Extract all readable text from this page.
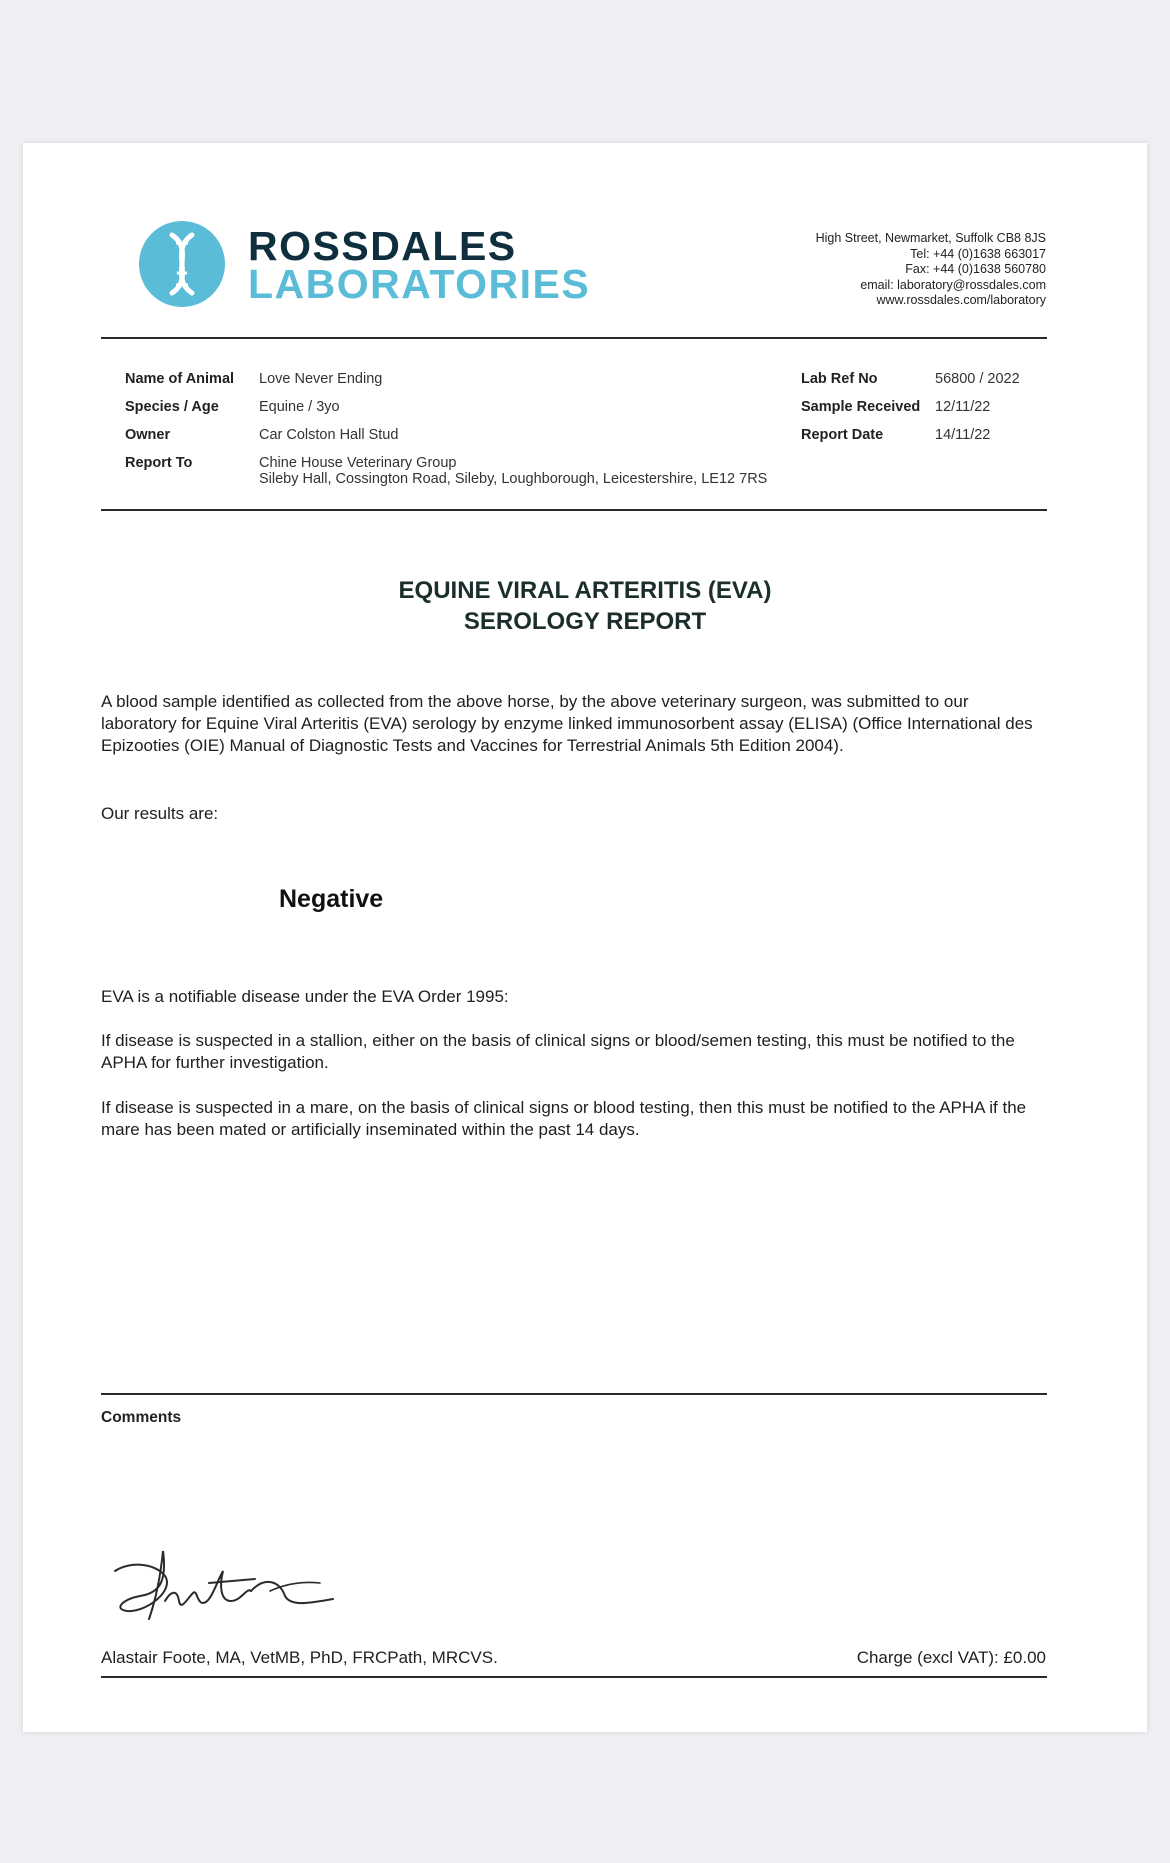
ROSSDALES
LABORATORIES
High Street, Newmarket, Suffolk CB8 8JS
Tel: +44 (0)1638 663017
Fax: +44 (0)1638 560780
email: laboratory@rossdales.com
www.rossdales.com/laboratory
Name of Animal
Species / Age
Owner
Report To
Love Never Ending
Equine / 3yo
Car Colston Hall Stud
Chine House Veterinary Group
Sileby Hall, Cossington Road, Sileby, Loughborough, Leicestershire, LE12 7RS
Lab Ref No
Sample Received
Report Date
56800 / 2022
12/11/22
14/11/22
EQUINE VIRAL ARTERITIS (EVA)
SEROLOGY REPORT
A blood sample identified as collected from the above horse, by the above veterinary surgeon, was submitted to our laboratory for Equine Viral Arteritis (EVA) serology by enzyme linked immunosorbent assay (ELISA) (Office International des Epizooties (OIE) Manual of Diagnostic Tests and Vaccines for Terrestrial Animals 5th Edition 2004).
Our results are:
Negative
EVA is a notifiable disease under the EVA Order 1995:
If disease is suspected in a stallion, either on the basis of clinical signs or blood/semen testing, this must be notified to the APHA for further investigation.
If disease is suspected in a mare, on the basis of clinical signs or blood testing, then this must be notified to the APHA if the mare has been mated or artificially inseminated within the past 14 days.
Comments
Alastair Foote, MA, VetMB, PhD, FRCPath, MRCVS.	Charge (excl VAT): £0.00
